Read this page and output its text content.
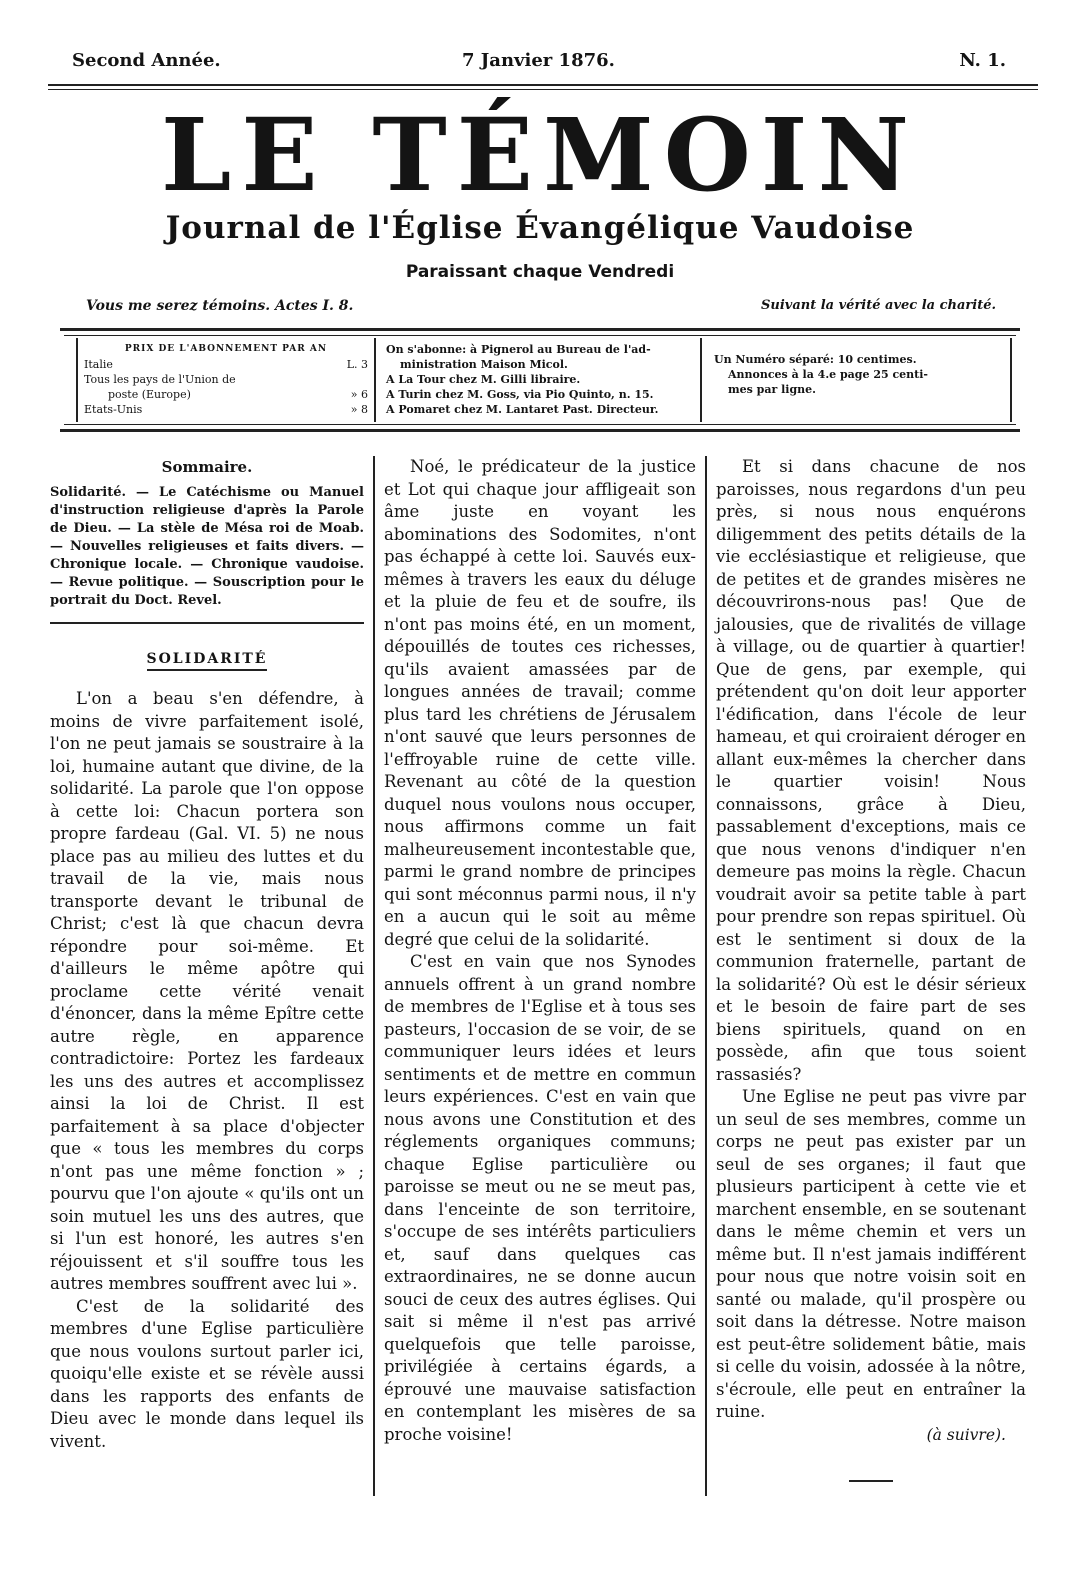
Second Année.	7 Janvier 1876.	N. 1.
LE TÉMOIN
Journal de l'Église Évangélique Vaudoise
Paraissant chaque Vendredi
Vous me serez témoins. Actes I. 8.	Suivant la vérité avec la charité.
PRIX DE L'ABONNEMENT PAR AN
Italie	L. 3
Tous les pays de l'Union de
poste (Europe)	» 6
Etats-Unis	» 8
On s'abonne: à Pignerol au Bureau de l'ad-
ministration Maison Micol.
A La Tour chez M. Gilli libraire.
A Turin chez M. Goss, via Pio Quinto, n. 15.
A Pomaret chez M. Lantaret Past. Directeur.
Un Numéro séparé: 10 centimes.
Annonces à la 4.e page 25 centi-
mes par ligne.
Sommaire.
Solidarité. — Le Catéchisme ou Manuel d'instruction religieuse d'après la Parole de Dieu. — La stèle de Mésa roi de Moab. — Nouvelles religieuses et faits divers. — Chronique locale. — Chronique vaudoise. — Revue politique. — Souscription pour le portrait du Doct. Revel.
SOLIDARITÉ

L'on a beau s'en défendre, à moins de vivre parfaitement isolé, l'on ne peut jamais se soustraire à la loi, humaine autant que divine, de la solidarité. La parole que l'on oppose à cette loi: Chacun portera son propre fardeau (Gal. VI. 5) ne nous place pas au milieu des luttes et du travail de la vie, mais nous transporte devant le tribunal de Christ; c'est là que chacun devra répondre pour soi-même. Et d'ailleurs le même apôtre qui proclame cette vérité venait d'énoncer, dans la même Epître cette autre règle, en apparence contradictoire: Portez les fardeaux les uns des autres et accomplissez ainsi la loi de Christ. Il est parfaitement à sa place d'objecter que « tous les membres du corps n'ont pas une même fonction » ; pourvu que l'on ajoute « qu'ils ont un soin mutuel les uns des autres, que si l'un est honoré, les autres s'en réjouissent et s'il souffre tous les autres membres souffrent avec lui ».

C'est de la solidarité des membres d'une Eglise particulière que nous voulons surtout parler ici, quoiqu'elle existe et se révèle aussi dans les rapports des enfants de Dieu avec le monde dans lequel ils vivent.

Noé, le prédicateur de la justice et Lot qui chaque jour affligeait son âme juste en voyant les abominations des Sodomites, n'ont pas échappé à cette loi. Sauvés eux-mêmes à travers les eaux du déluge et la pluie de feu et de soufre, ils n'ont pas moins été, en un moment, dépouillés de toutes ces richesses, qu'ils avaient amassées par de longues années de travail; comme plus tard les chrétiens de Jérusalem n'ont sauvé que leurs personnes de l'effroyable ruine de cette ville. Revenant au côté de la question duquel nous voulons nous occuper, nous affirmons comme un fait malheureusement incontestable que, parmi le grand nombre de principes qui sont méconnus parmi nous, il n'y en a aucun qui le soit au même degré que celui de la solidarité.

C'est en vain que nos Synodes annuels offrent à un grand nombre de membres de l'Eglise et à tous ses pasteurs, l'occasion de se voir, de se communiquer leurs idées et leurs sentiments et de mettre en commun leurs expériences. C'est en vain que nous avons une Constitution et des réglements organiques communs; chaque Eglise particulière ou paroisse se meut ou ne se meut pas, dans l'enceinte de son territoire, s'occupe de ses intérêts particuliers et, sauf dans quelques cas extraordinaires, ne se donne aucun souci de ceux des autres églises. Qui sait si même il n'est pas arrivé quelquefois que telle paroisse, privilégiée à certains égards, a éprouvé une mauvaise satisfaction en contemplant les misères de sa proche voisine!

Et si dans chacune de nos paroisses, nous regardons d'un peu près, si nous nous enquérons diligemment des petits détails de la vie ecclésiastique et religieuse, que de petites et de grandes misères ne découvrirons-nous pas! Que de jalousies, que de rivalités de village à village, ou de quartier à quartier! Que de gens, par exemple, qui prétendent qu'on doit leur apporter l'édification, dans l'école de leur hameau, et qui croiraient déroger en allant eux-mêmes la chercher dans le quartier voisin! Nous connaissons, grâce à Dieu, passablement d'exceptions, mais ce que nous venons d'indiquer n'en demeure pas moins la règle. Chacun voudrait avoir sa petite table à part pour prendre son repas spirituel. Où est le sentiment si doux de la communion fraternelle, partant de la solidarité? Où est le désir sérieux et le besoin de faire part de ses biens spirituels, quand on en possède, afin que tous soient rassasiés?

Une Eglise ne peut pas vivre par un seul de ses membres, comme un corps ne peut pas exister par un seul de ses organes; il faut que plusieurs participent à cette vie et marchent ensemble, en se soutenant dans le même chemin et vers un même but. Il n'est jamais indifférent pour nous que notre voisin soit en santé ou malade, qu'il prospère ou soit dans la détresse. Notre maison est peut-être solidement bâtie, mais si celle du voisin, adossée à la nôtre, s'écroule, elle peut en entraîner la ruine.

(à suivre).
